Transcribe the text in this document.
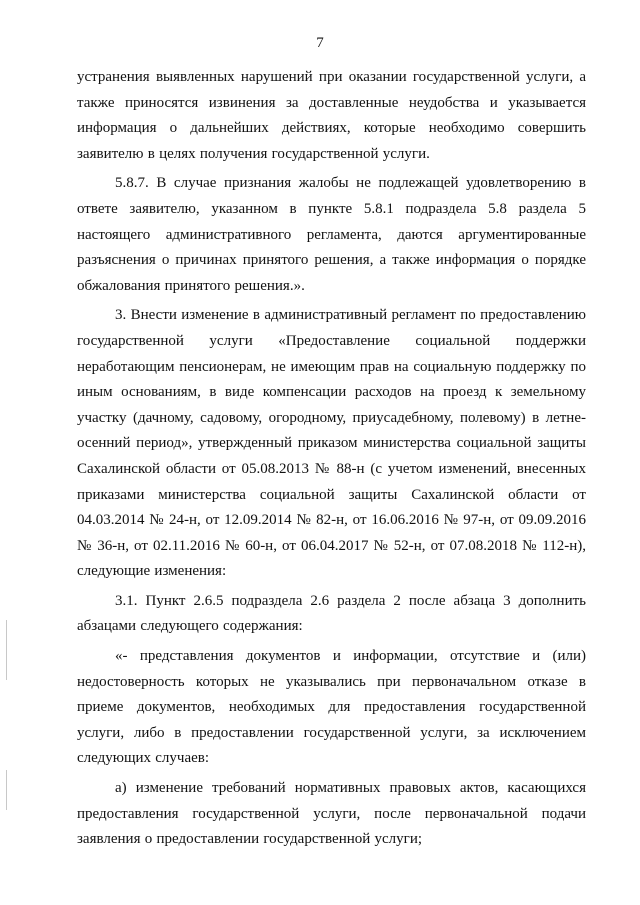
7

устранения выявленных нарушений при оказании государственной услуги, а также приносятся извинения за доставленные неудобства и указывается информация о дальнейших действиях, которые необходимо совершить заявителю в целях получения государственной услуги.

5.8.7. В случае признания жалобы не подлежащей удовлетворению в ответе заявителю, указанном в пункте 5.8.1 подраздела 5.8 раздела 5 настоящего административного регламента, даются аргументированные разъяснения о причинах принятого решения, а также информация о порядке обжалования принятого решения.».

3. Внести изменение в административный регламент по предоставлению государственной услуги «Предоставление социальной поддержки неработающим пенсионерам, не имеющим прав на социальную поддержку по иным основаниям, в виде компенсации расходов на проезд к земельному участку (дачному, садовому, огородному, приусадебному, полевому) в летне-осенний период», утвержденный приказом министерства социальной защиты Сахалинской области от 05.08.2013 № 88-н (с учетом изменений, внесенных приказами министерства социальной защиты Сахалинской области от 04.03.2014 № 24-н, от 12.09.2014 № 82-н, от 16.06.2016 № 97-н, от 09.09.2016 № 36-н, от 02.11.2016 № 60-н, от 06.04.2017 № 52-н, от 07.08.2018 № 112-н), следующие изменения:

3.1. Пункт 2.6.5 подраздела 2.6 раздела 2 после абзаца 3 дополнить абзацами следующего содержания:

«- представления документов и информации, отсутствие и (или) недостоверность которых не указывались при первоначальном отказе в приеме документов, необходимых для предоставления государственной услуги, либо в предоставлении государственной услуги, за исключением следующих случаев:

а) изменение требований нормативных правовых актов, касающихся предоставления государственной услуги, после первоначальной подачи заявления о предоставлении государственной услуги;
